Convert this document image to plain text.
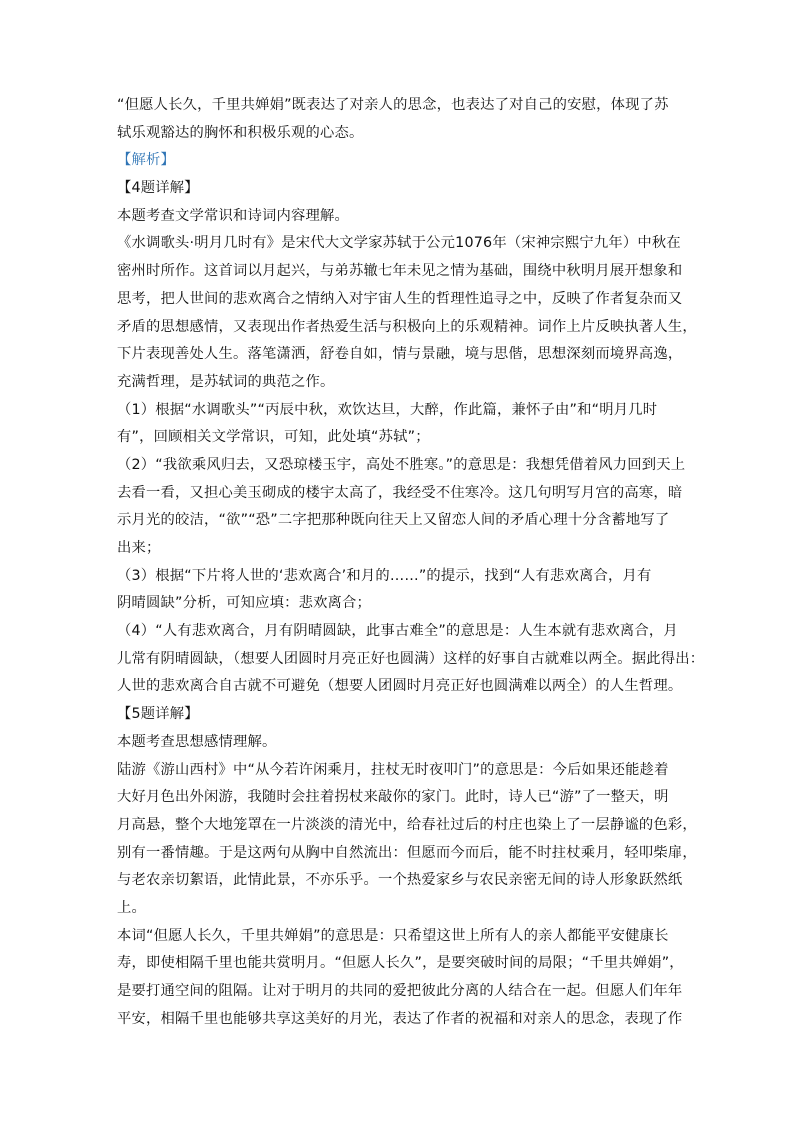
“但愿人长久，千里共婵娟”既表达了对亲人的思念，也表达了对自己的安慰，体现了苏
轼乐观豁达的胸怀和积极乐观的心态。
【解析】
【4题详解】
本题考查文学常识和诗词内容理解。
《水调歌头·明月几时有》是宋代大文学家苏轼于公元1076年（宋神宗熙宁九年）中秋在
密州时所作。这首词以月起兴，与弟苏辙七年未见之情为基础，围绕中秋明月展开想象和
思考，把人世间的悲欢离合之情纳入对宇宙人生的哲理性追寻之中，反映了作者复杂而又
矛盾的思想感情，又表现出作者热爱生活与积极向上的乐观精神。词作上片反映执著人生，
下片表现善处人生。落笔潇洒，舒卷自如，情与景融，境与思偕，思想深刻而境界高逸，
充满哲理，是苏轼词的典范之作。
（1）根据“水调歌头”“丙辰中秋，欢饮达旦，大醉，作此篇，兼怀子由”和“明月几时
有”，回顾相关文学常识，可知，此处填“苏轼”；
（2）“我欲乘风归去，又恐琼楼玉宇，高处不胜寒。”的意思是：我想凭借着风力回到天上
去看一看，又担心美玉砌成的楼宇太高了，我经受不住寒冷。这几句明写月宫的高寒，暗
示月光的皎洁，“欲”“恐”二字把那种既向往天上又留恋人间的矛盾心理十分含蓄地写了
出来；
（3）根据“下片将人世的‘悲欢离合’和月的……”的提示，找到“人有悲欢离合，月有
阴晴圆缺”分析，可知应填：悲欢离合；
（4）“人有悲欢离合，月有阴晴圆缺，此事古难全”的意思是：人生本就有悲欢离合，月
儿常有阴晴圆缺，（想要人团圆时月亮正好也圆满）这样的好事自古就难以两全。据此得出：
人世的悲欢离合自古就不可避免（想要人团圆时月亮正好也圆满难以两全）的人生哲理。
【5题详解】
本题考查思想感情理解。
陆游《游山西村》中“从今若许闲乘月，拄杖无时夜叩门”的意思是：今后如果还能趁着
大好月色出外闲游，我随时会拄着拐杖来敲你的家门。此时，诗人已“游”了一整天，明
月高悬，整个大地笼罩在一片淡淡的清光中，给春社过后的村庄也染上了一层静谧的色彩，
别有一番情趣。于是这两句从胸中自然流出：但愿而今而后，能不时拄杖乘月，轻叩柴扉，
与老农亲切絮语，此情此景，不亦乐乎。一个热爱家乡与农民亲密无间的诗人形象跃然纸
上。
本词“但愿人长久，千里共婵娟”的意思是：只希望这世上所有人的亲人都能平安健康长
寿，即使相隔千里也能共赏明月。“但愿人长久”，是要突破时间的局限；“千里共婵娟”，
是要打通空间的阻隔。让对于明月的共同的爱把彼此分离的人结合在一起。但愿人们年年
平安，相隔千里也能够共享这美好的月光，表达了作者的祝福和对亲人的思念，表现了作
